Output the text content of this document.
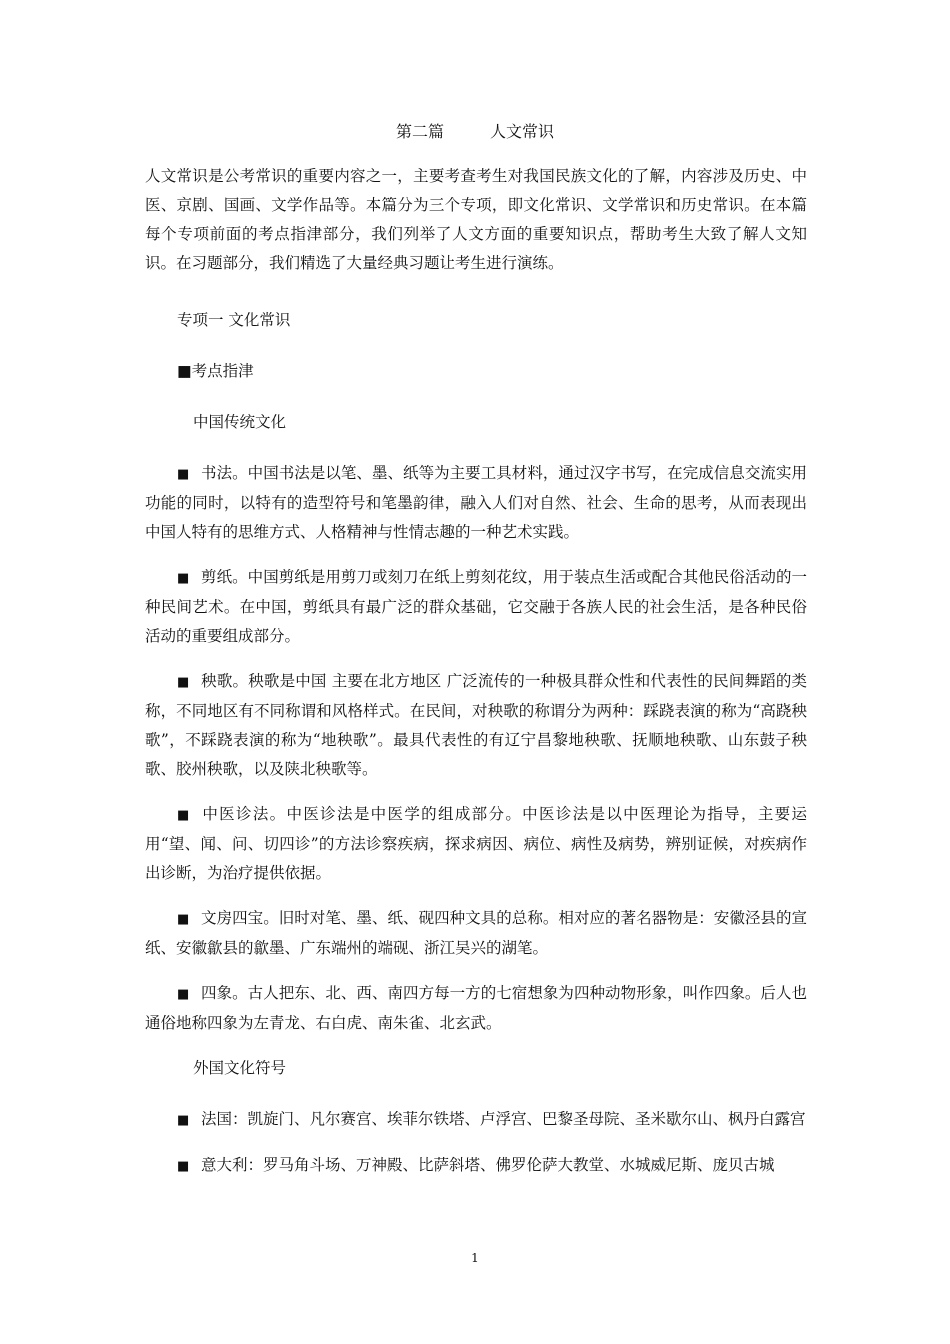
第二篇	人文常识

人文常识是公考常识的重要内容之一，主要考查考生对我国民族文化的了解，内容涉及历史、中医、京剧、国画、文学作品等。本篇分为三个专项，即文化常识、文学常识和历史常识。在本篇每个专项前面的考点指津部分，我们列举了人文方面的重要知识点，帮助考生大致了解人文知识。在习题部分，我们精选了大量经典习题让考生进行演练。

专项一 文化常识

■考点指津

中国传统文化

■ 书法。中国书法是以笔、墨、纸等为主要工具材料，通过汉字书写，在完成信息交流实用功能的同时，以特有的造型符号和笔墨韵律，融入人们对自然、社会、生命的思考，从而表现出中国人特有的思维方式、人格精神与性情志趣的一种艺术实践。

■ 剪纸。中国剪纸是用剪刀或刻刀在纸上剪刻花纹，用于装点生活或配合其他民俗活动的一种民间艺术。在中国，剪纸具有最广泛的群众基础，它交融于各族人民的社会生活，是各种民俗活动的重要组成部分。

■ 秧歌。秧歌是中国 主要在北方地区 广泛流传的一种极具群众性和代表性的民间舞蹈的类称，不同地区有不同称谓和风格样式。在民间，对秧歌的称谓分为两种：踩跷表演的称为“高跷秧歌”，不踩跷表演的称为“地秧歌”。最具代表性的有辽宁昌黎地秧歌、抚顺地秧歌、山东鼓子秧歌、胶州秧歌，以及陕北秧歌等。

■ 中医诊法。中医诊法是中医学的组成部分。中医诊法是以中医理论为指导，主要运用“望、闻、问、切四诊”的方法诊察疾病，探求病因、病位、病性及病势，辨别证候，对疾病作出诊断，为治疗提供依据。

■ 文房四宝。旧时对笔、墨、纸、砚四种文具的总称。相对应的著名器物是：安徽泾县的宣纸、安徽歙县的歙墨、广东端州的端砚、浙江吴兴的湖笔。

■ 四象。古人把东、北、西、南四方每一方的七宿想象为四种动物形象，叫作四象。后人也通俗地称四象为左青龙、右白虎、南朱雀、北玄武。

外国文化符号

■ 法国：凯旋门、凡尔赛宫、埃菲尔铁塔、卢浮宫、巴黎圣母院、圣米歇尔山、枫丹白露宫

■ 意大利：罗马角斗场、万神殿、比萨斜塔、佛罗伦萨大教堂、水城威尼斯、庞贝古城

1
